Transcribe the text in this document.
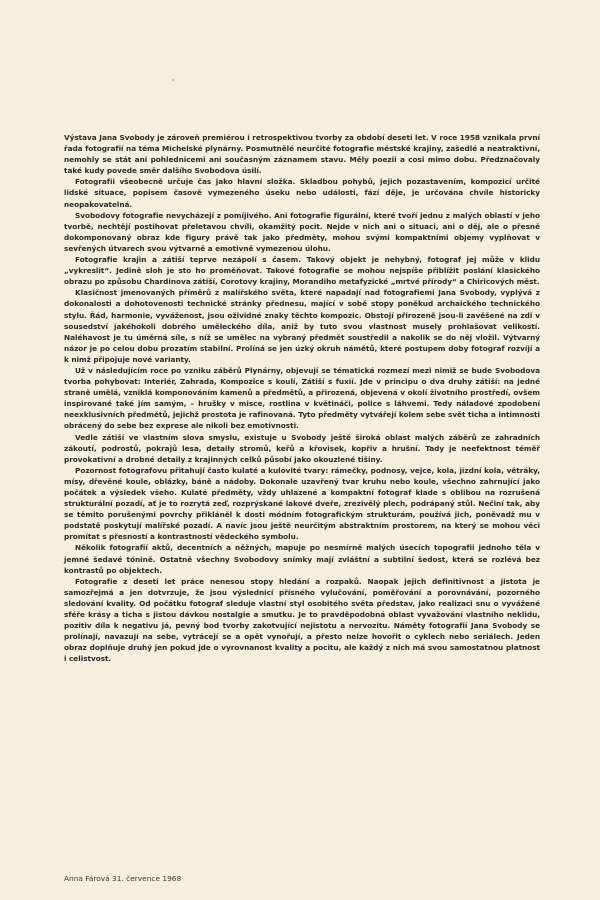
Výstava Jana Svobody je zároveň premiérou i retrospektivou tvorby za období deseti let. V roce 1958 vznikala první řada fotografií na téma Michelské plynárny. Posmutnělé neurčité fotografie městské krajiny, zašedlé a neatraktivní, nemohly se stát ani pohlednicemi ani současným záznamem stavu. Měly poezii a cosi mimo dobu. Předznačovaly také kudy povede směr dalšího Svobodova úsilí.

Fotografii všeobecně určuje čas jako hlavní složka. Skladbou pohybů, jejich pozastavením, kompozicí určité lidské situace, popisem časově vymezeného úseku nebo události, fází děje, je určována chvíle historicky neopakovatelná.

Svobodovy fotografie nevycházejí z pomíjivého. Ani fotografie figurální, které tvoří jednu z malých oblastí v jeho tvorbě, nechtějí postihovat přeletavou chvíli, okamžitý pocit. Nejde v nich ani o situaci, ani o děj, ale o přesně dokomponovaný obraz kde figury právě tak jako předměty, mohou svými kompaktními objemy vyplňovat v sevřených útvarech svou výtvarně a emotivně vymezenou úlohu.

Fotografie krajin a zátiší teprve nezápolí s časem. Takový objekt je nehybný, fotograf jej může v klidu „vykreslit“. Jedině sloh je sto ho proměňovat. Takové fotografie se mohou nejspíše přiblížit poslání klasického obrazu po způsobu Chardinova zátiší, Corotovy krajiny, Morandiho metafyzické „mrtvé přírody“ a Chiricových měst.

Klasičnost jmenovaných příměrů z malířského světa, které napadají nad fotografiemi Jana Svobody, vyplývá z dokonalosti a dohotovenosti technické stránky přednesu, mající v sobě stopy poněkud archaického technického stylu. Řád, harmonie, vyváženost, jsou ožividné znaky těchto kompozic. Obstojí přirozeně jsou-li zavěšené na zdi v sousedství jakéhokoli dobrého uměleckého díla, aniž by tuto svou vlastnost musely prohlašovat velikostí. Naléhavost je tu úměrná síle, s níž se umělec na vybraný předmět soustředil a nakolik se do něj vložil. Výtvarný názor je po celou dobu prozatím stabilní. Prolíná se jen úzký okruh námětů, které postupem doby fotograf rozvíjí a k nimž připojuje nové varianty.

Už v následujícím roce po vzniku záběrů Plynárny, objevují se tématická rozmezí mezi nimiž se bude Svobodova tvorba pohybovat: Interiér, Zahrada, Kompozice s koulí, Zátiší s fuxií. Jde v principu o dva druhy zátiší: na jedné straně umělá, vzniklá komponováním kamenů a předmětů, a přirozená, objevená v okolí životního prostředí, ovšem inspirované také jím samým, – hrušky v misce, rostlina v květináči, police s láhvemi. Tedy náladové zpodobení neexklusivních předmětů, jejichž prostota je rafinovaná. Tyto předměty vytvářejí kolem sebe svět ticha a intimnosti obrácený do sebe bez exprese ale nikoli bez emotivnosti.

Vedle zátiší ve vlastním slova smyslu, existuje u Svobody ještě široká oblast malých záběrů ze zahradních zákoutí, podrostů, pokrajů lesa, detaily stromů, keřů a křovisek, kopřiv a hrušní. Tady je neefektnost téměř provokativní a drobné detaily z krajinných celků působí jako okouzlené tišiny.

Pozornost fotografovu přitahují často kulaté a kulovité tvary: rámečky, podnosy, vejce, kola, jízdní kola, větráky, mísy, dřevěné koule, oblázky, báně a nádoby. Dokonale uzavřený tvar kruhu nebo koule, všechno zahrnující jako počátek a výsledek všeho. Kulaté předměty, vždy uhlazené a kompaktní fotograf klade s oblibou na rozrušená strukturální pozadí, ať je to rozrytá zeď, rozprýskané lakové dveře, zrezivělý plech, podrápaný stůl. Nečiní tak, aby se těmito porušenými povrchy přikláněl k dosti módním fotografickým strukturám, používá jich, poněvadž mu v podstatě poskytují malířské pozadí. A navíc jsou ještě neurčitým abstraktním prostorem, na který se mohou věci promítat s přesností a kontrastností vědeckého symbolu.

Několik fotografií aktů, decentních a něžných, mapuje po nesmírně malých úsecích topografii jednoho těla v jemné šedavé tónině. Ostatně všechny Svobodovy snímky mají zvláštní a subtilní šedost, která se rozlévá bez kontrastů po objektech.

Fotografie z deseti let práce nenesou stopy hledání a rozpaků. Naopak jejich definitivnost a jistota je samozřejmá a jen dotvrzuje, že jsou výslednicí přísného vylučování, poměřování a porovnávání, pozorného sledování kvality. Od počátku fotograf sleduje vlastní styl osobitého světa představ, jako realizaci snu o vyvážené sféře krásy a ticha s jistou dávkou nostalgie a smutku. Je to pravděpodobná oblast vyvažování vlastního neklidu, pozitiv díla k negativu já, pevný bod tvorby zakotvující nejistotu a nervozitu. Náměty fotografií Jana Svobody se prolínají, navazují na sebe, vytrácejí se a opět vynořují, a přesto nelze hovořit o cyklech nebo seriálech. Jeden obraz doplňuje druhý jen pokud jde o vyrovnanost kvality a pocitu, ale každý z nich má svou samostatnou platnost i celistvost.

Anna Fárová 31. července 1968
